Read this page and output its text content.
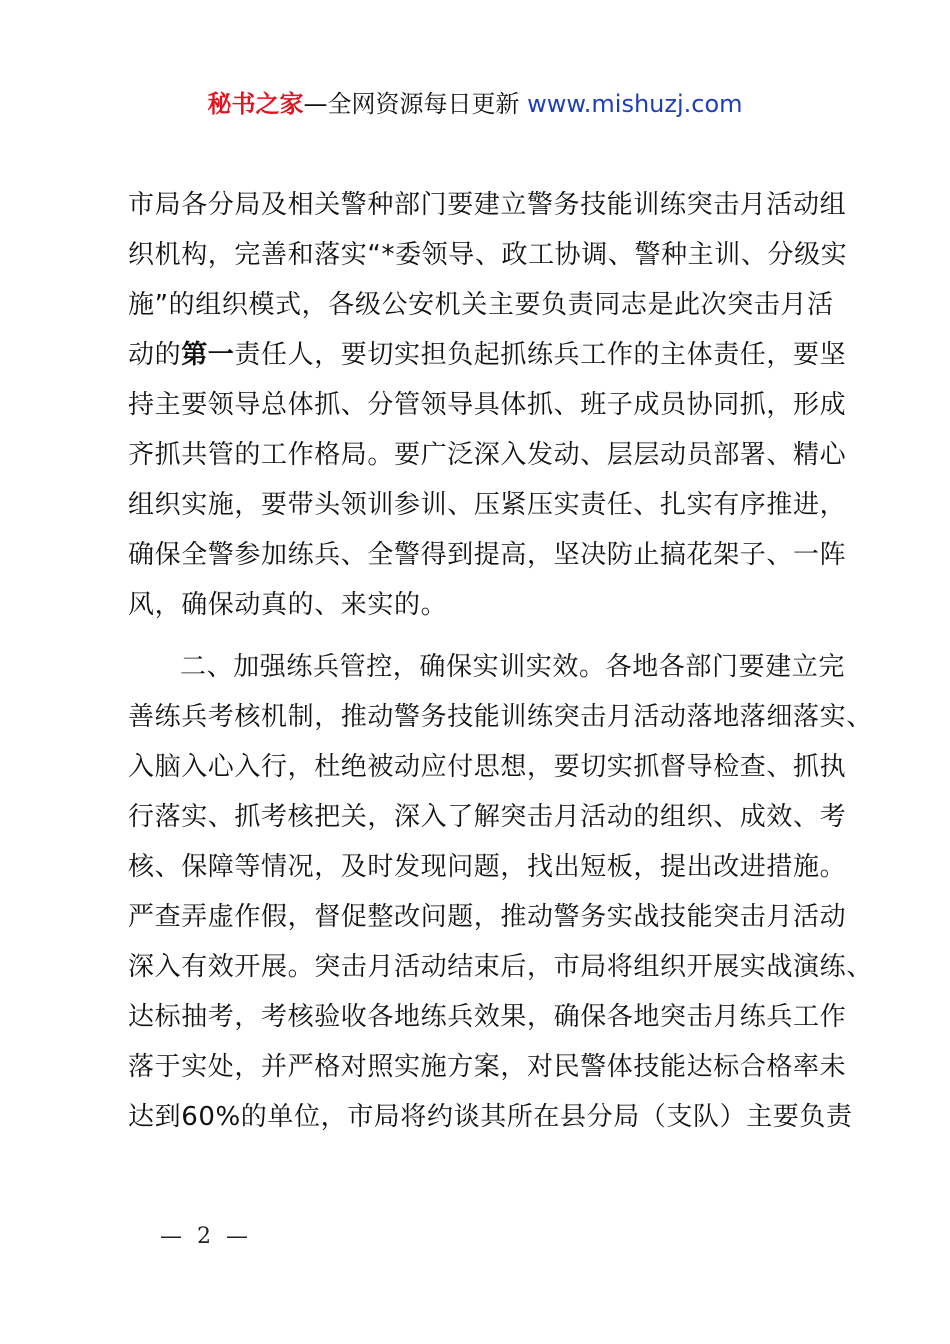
秘书之家—全网资源每日更新 www.mishuzj.com
市局各分局及相关警种部门要建立警务技能训练突击月活动组
织机构，完善和落实“*委领导、政工协调、警种主训、分级实
施”的组织模式，各级公安机关主要负责同志是此次突击月活
动的第一责任人，要切实担负起抓练兵工作的主体责任，要坚
持主要领导总体抓、分管领导具体抓、班子成员协同抓，形成
齐抓共管的工作格局。要广泛深入发动、层层动员部署、精心
组织实施，要带头领训参训、压紧压实责任、扎实有序推进，
确保全警参加练兵、全警得到提高，坚决防止搞花架子、一阵
风，确保动真的、来实的。
二、加强练兵管控，确保实训实效。各地各部门要建立完
善练兵考核机制，推动警务技能训练突击月活动落地落细落实、
入脑入心入行，杜绝被动应付思想，要切实抓督导检查、抓执
行落实、抓考核把关，深入了解突击月活动的组织、成效、考
核、保障等情况，及时发现问题，找出短板，提出改进措施。
严查弄虚作假，督促整改问题，推动警务实战技能突击月活动
深入有效开展。突击月活动结束后，市局将组织开展实战演练、
达标抽考，考核验收各地练兵效果，确保各地突击月练兵工作
落于实处，并严格对照实施方案，对民警体技能达标合格率未
达到60%的单位，市局将约谈其所在县分局（支队）主要负责
— 2 —
